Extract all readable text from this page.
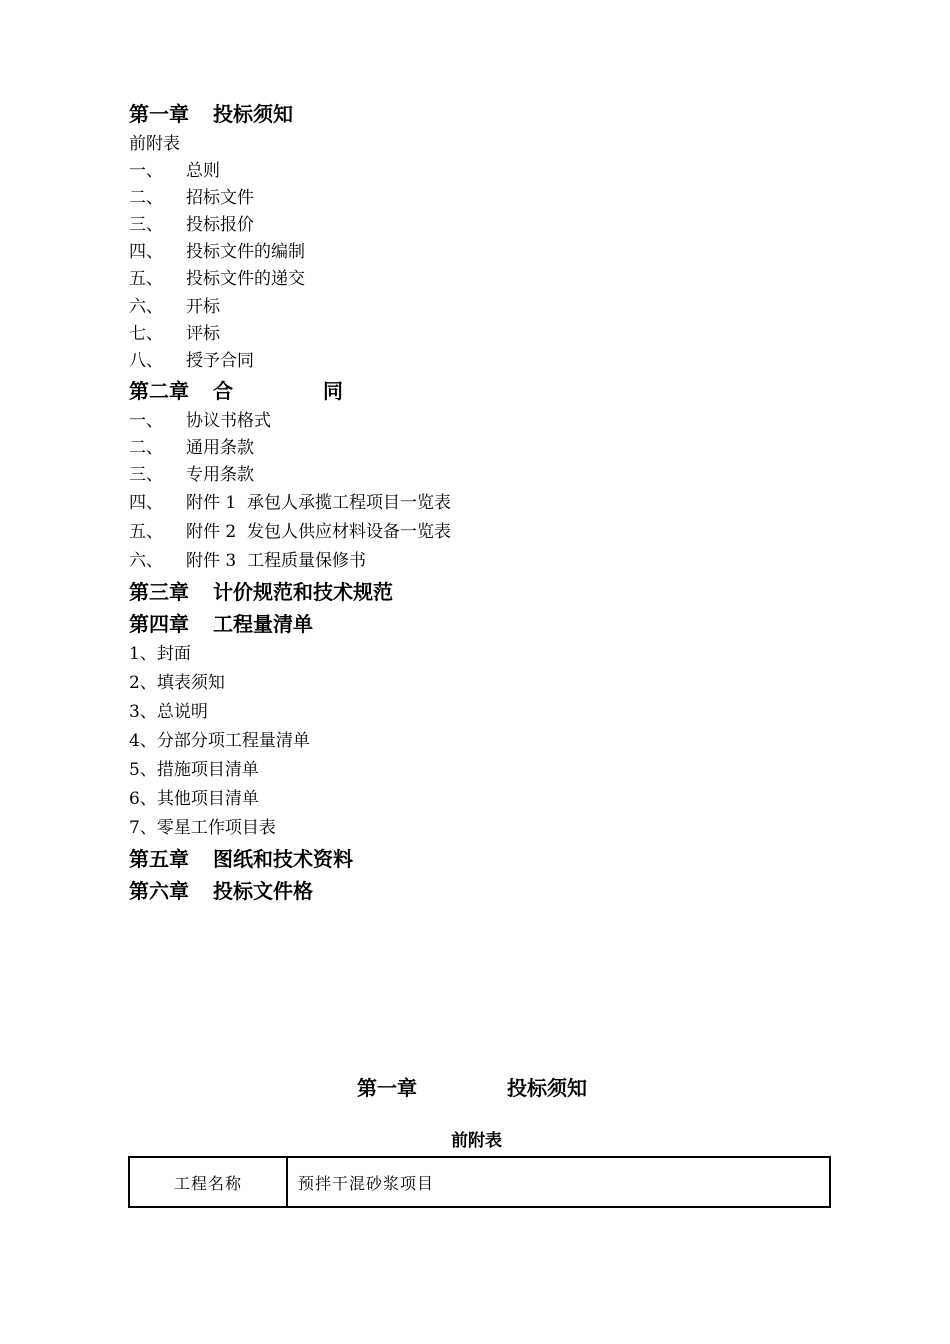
第一章 投标须知
前附表
一、 总则
二、 招标文件
三、 投标报价
四、 投标文件的编制
五、 投标文件的递交
六、 开标
七、 评标
八、 授予合同
第二章 合	同
一、 协议书格式
二、 通用条款
三、 专用条款
四、 附件 1  承包人承揽工程项目一览表
五、 附件 2  发包人供应材料设备一览表
六、 附件 3  工程质量保修书
第三章 计价规范和技术规范
第四章 工程量清单
1、封面
2、填表须知
3、总说明
4、分部分项工程量清单
5、措施项目清单
6、其他项目清单
7、零星工作项目表
第五章 图纸和技术资料
第六章 投标文件格
第一章	投标须知
前附表
工程名称	预拌干混砂浆项目
